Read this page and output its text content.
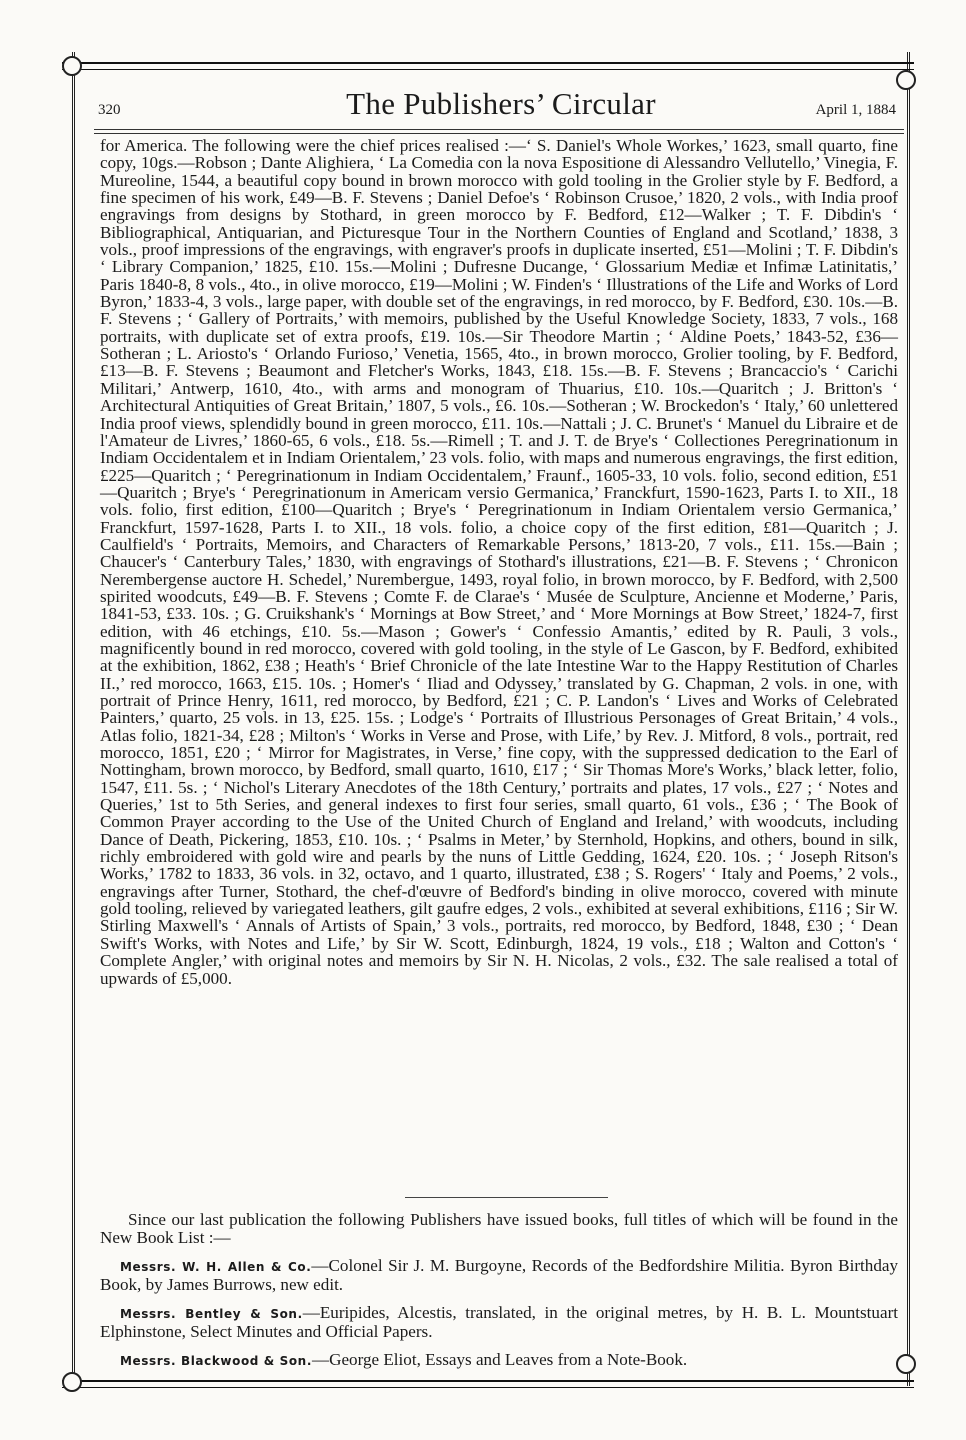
320	The Publishers’ Circular	April 1, 1884

for America. The following were the chief prices realised :—‘ S. Daniel's Whole Workes,’ 1623, small quarto, fine copy, 10gs.—Robson ; Dante Alighiera, ‘ La Comedia con la nova Espositione di Alessandro Vellutello,’ Vinegia, F. Mureoline, 1544, a beautiful copy bound in brown morocco with gold tooling in the Grolier style by F. Bedford, a fine specimen of his work, £49—B. F. Stevens ; Daniel Defoe's ‘ Robinson Crusoe,’ 1820, 2 vols., with India proof engravings from designs by Stothard, in green morocco by F. Bedford, £12—Walker ; T. F. Dibdin's ‘ Bibliographical, Antiquarian, and Picturesque Tour in the Northern Counties of England and Scotland,’ 1838, 3 vols., proof impressions of the engravings, with engraver's proofs in duplicate inserted, £51—Molini ; T. F. Dibdin's ‘ Library Companion,’ 1825, £10. 15s.—Molini ; Dufresne Ducange, ‘ Glossarium Mediæ et Infimæ Latinitatis,’ Paris 1840-8, 8 vols., 4to., in olive morocco, £19—Molini ; W. Finden's ‘ Illustrations of the Life and Works of Lord Byron,’ 1833-4, 3 vols., large paper, with double set of the engravings, in red morocco, by F. Bedford, £30. 10s.—B. F. Stevens ; ‘ Gallery of Portraits,’ with memoirs, published by the Useful Knowledge Society, 1833, 7 vols., 168 portraits, with duplicate set of extra proofs, £19. 10s.—Sir Theodore Martin ; ‘ Aldine Poets,’ 1843-52, £36—Sotheran ; L. Ariosto's ‘ Orlando Furioso,’ Venetia, 1565, 4to., in brown morocco, Grolier tooling, by F. Bedford, £13—B. F. Stevens ; Beaumont and Fletcher's Works, 1843, £18. 15s.—B. F. Stevens ; Brancaccio's ‘ Carichi Militari,’ Antwerp, 1610, 4to., with arms and monogram of Thuarius, £10. 10s.—Quaritch ; J. Britton's ‘ Architectural Antiquities of Great Britain,’ 1807, 5 vols., £6. 10s.—Sotheran ; W. Brockedon's ‘ Italy,’ 60 unlettered India proof views, splendidly bound in green morocco, £11. 10s.—Nattali ; J. C. Brunet's ‘ Manuel du Libraire et de l'Amateur de Livres,’ 1860-65, 6 vols., £18. 5s.—Rimell ; T. and J. T. de Brye's ‘ Collectiones Peregrinationum in Indiam Occidentalem et in Indiam Orientalem,’ 23 vols. folio, with maps and numerous engravings, the first edition, £225—Quaritch ; ‘ Peregrinationum in Indiam Occidentalem,’ Fraunf., 1605-33, 10 vols. folio, second edition, £51—Quaritch ; Brye's ‘ Peregrinationum in Americam versio Germanica,’ Franckfurt, 1590-1623, Parts I. to XII., 18 vols. folio, first edition, £100—Quaritch ; Brye's ‘ Peregrinationum in Indiam Orientalem versio Germanica,’ Franckfurt, 1597-1628, Parts I. to XII., 18 vols. folio, a choice copy of the first edition, £81—Quaritch ; J. Caulfield's ‘ Portraits, Memoirs, and Characters of Remarkable Persons,’ 1813-20, 7 vols., £11. 15s.—Bain ; Chaucer's ‘ Canterbury Tales,’ 1830, with engravings of Stothard's illustrations, £21—B. F. Stevens ; ‘ Chronicon Nerembergense auctore H. Schedel,’ Nurembergue, 1493, royal folio, in brown morocco, by F. Bedford, with 2,500 spirited woodcuts, £49—B. F. Stevens ; Comte F. de Clarae's ‘ Musée de Sculpture, Ancienne et Moderne,’ Paris, 1841-53, £33. 10s. ; G. Cruikshank's ‘ Mornings at Bow Street,’ and ‘ More Mornings at Bow Street,’ 1824-7, first edition, with 46 etchings, £10. 5s.—Mason ; Gower's ‘ Confessio Amantis,’ edited by R. Pauli, 3 vols., magnificently bound in red morocco, covered with gold tooling, in the style of Le Gascon, by F. Bedford, exhibited at the exhibition, 1862, £38 ; Heath's ‘ Brief Chronicle of the late Intestine War to the Happy Restitution of Charles II.,’ red morocco, 1663, £15. 10s. ; Homer's ‘ Iliad and Odyssey,’ translated by G. Chapman, 2 vols. in one, with portrait of Prince Henry, 1611, red morocco, by Bedford, £21 ; C. P. Landon's ‘ Lives and Works of Celebrated Painters,’ quarto, 25 vols. in 13, £25. 15s. ; Lodge's ‘ Portraits of Illustrious Personages of Great Britain,’ 4 vols., Atlas folio, 1821-34, £28 ; Milton's ‘ Works in Verse and Prose, with Life,’ by Rev. J. Mitford, 8 vols., portrait, red morocco, 1851, £20 ; ‘ Mirror for Magistrates, in Verse,’ fine copy, with the suppressed dedication to the Earl of Nottingham, brown morocco, by Bedford, small quarto, 1610, £17 ; ‘ Sir Thomas More's Works,’ black letter, folio, 1547, £11. 5s. ; ‘ Nichol's Literary Anecdotes of the 18th Century,’ portraits and plates, 17 vols., £27 ; ‘ Notes and Queries,’ 1st to 5th Series, and general indexes to first four series, small quarto, 61 vols., £36 ; ‘ The Book of Common Prayer according to the Use of the United Church of England and Ireland,’ with woodcuts, including Dance of Death, Pickering, 1853, £10. 10s. ; ‘ Psalms in Meter,’ by Sternhold, Hopkins, and others, bound in silk, richly embroidered with gold wire and pearls by the nuns of Little Gedding, 1624, £20. 10s. ; ‘ Joseph Ritson's Works,’ 1782 to 1833, 36 vols. in 32, octavo, and 1 quarto, illustrated, £38 ; S. Rogers' ‘ Italy and Poems,’ 2 vols., engravings after Turner, Stothard, the chef-d'œuvre of Bedford's binding in olive morocco, covered with minute gold tooling, relieved by variegated leathers, gilt gaufre edges, 2 vols., exhibited at several exhibitions, £116 ; Sir W. Stirling Maxwell's ‘ Annals of Artists of Spain,’ 3 vols., portraits, red morocco, by Bedford, 1848, £30 ; ‘ Dean Swift's Works, with Notes and Life,’ by Sir W. Scott, Edinburgh, 1824, 19 vols., £18 ; Walton and Cotton's ‘ Complete Angler,’ with original notes and memoirs by Sir N. H. Nicolas, 2 vols., £32. The sale realised a total of upwards of £5,000.

Since our last publication the following Publishers have issued books, full titles of which will be found in the New Book List :—

Messrs. W. H. Allen & Co.—Colonel Sir J. M. Burgoyne, Records of the Bedfordshire Militia. Byron Birthday Book, by James Burrows, new edit.

Messrs. Bentley & Son.—Euripides, Alcestis, translated, in the original metres, by H. B. L. Mountstuart Elphinstone, Select Minutes and Official Papers.

Messrs. Blackwood & Son.—George Eliot, Essays and Leaves from a Note-Book.
